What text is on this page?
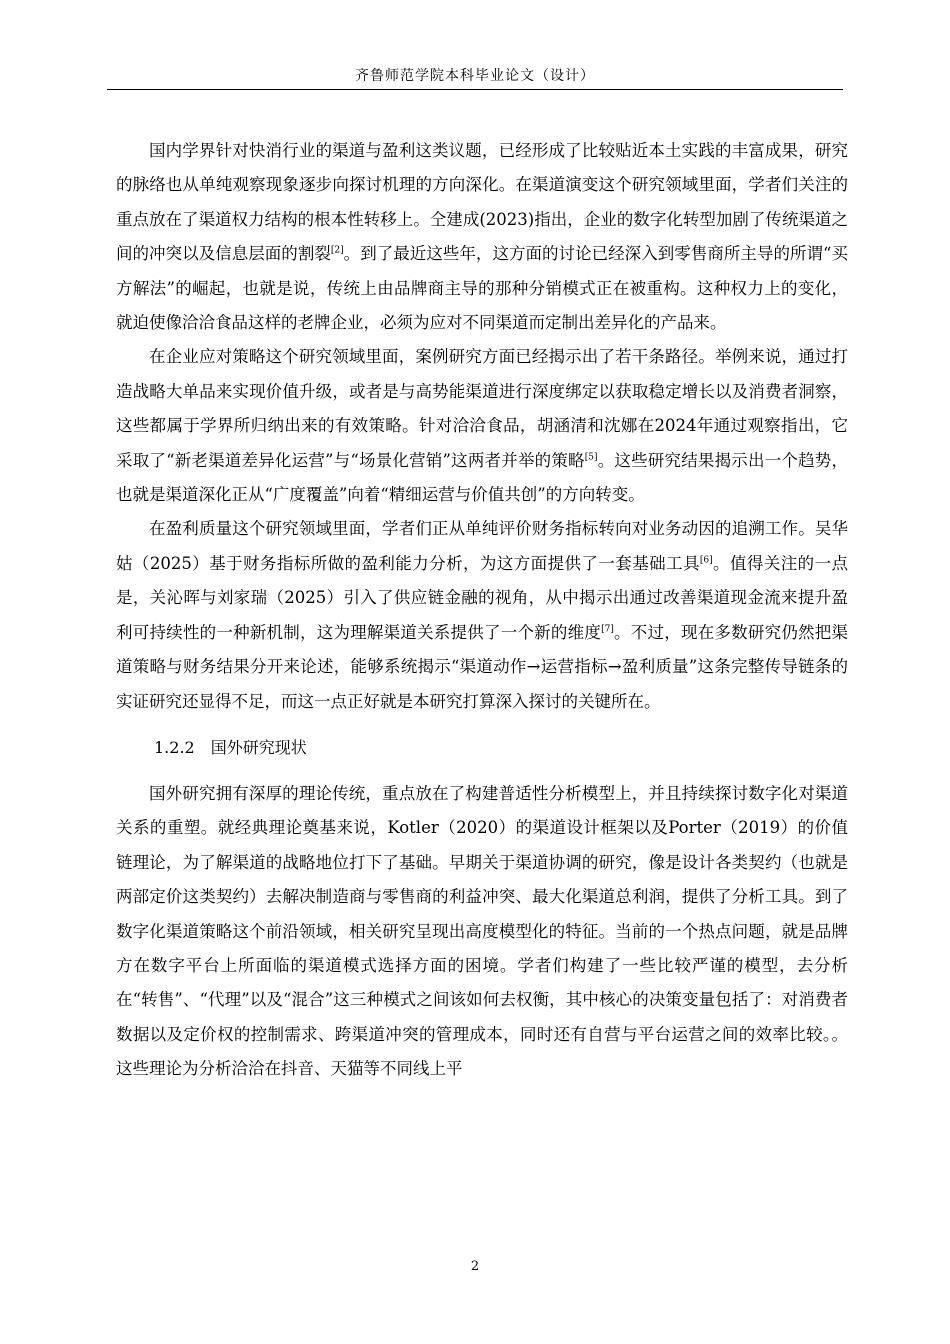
齐鲁师范学院本科毕业论文（设计）

国内学界针对快消行业的渠道与盈利这类议题，已经形成了比较贴近本土实践的丰富成果，研究的脉络也从单纯观察现象逐步向探讨机理的方向深化。在渠道演变这个研究领域里面，学者们关注的重点放在了渠道权力结构的根本性转移上。仝建成(2023)指出，企业的数字化转型加剧了传统渠道之间的冲突以及信息层面的割裂[2]。到了最近这些年，这方面的讨论已经深入到零售商所主导的所谓“买方解法”的崛起，也就是说，传统上由品牌商主导的那种分销模式正在被重构。这种权力上的变化，就迫使像洽洽食品这样的老牌企业，必须为应对不同渠道而定制出差异化的产品来。

在企业应对策略这个研究领域里面，案例研究方面已经揭示出了若干条路径。举例来说，通过打造战略大单品来实现价值升级，或者是与高势能渠道进行深度绑定以获取稳定增长以及消费者洞察，这些都属于学界所归纳出来的有效策略。针对洽洽食品，胡涵清和沈娜在2024年通过观察指出，它采取了“新老渠道差异化运营”与“场景化营销”这两者并举的策略[5]。这些研究结果揭示出一个趋势，也就是渠道深化正从“广度覆盖”向着“精细运营与价值共创”的方向转变。

在盈利质量这个研究领域里面，学者们正从单纯评价财务指标转向对业务动因的追溯工作。吴华姑（2025）基于财务指标所做的盈利能力分析，为这方面提供了一套基础工具[6]。值得关注的一点是，关沁晖与刘家瑞（2025）引入了供应链金融的视角，从中揭示出通过改善渠道现金流来提升盈利可持续性的一种新机制，这为理解渠道关系提供了一个新的维度[7]。不过，现在多数研究仍然把渠道策略与财务结果分开来论述，能够系统揭示“渠道动作→运营指标→盈利质量”这条完整传导链条的实证研究还显得不足，而这一点正好就是本研究打算深入探讨的关键所在。

1.2.2 国外研究现状

国外研究拥有深厚的理论传统，重点放在了构建普适性分析模型上，并且持续探讨数字化对渠道关系的重塑。就经典理论奠基来说，Kotler（2020）的渠道设计框架以及Porter（2019）的价值链理论，为了解渠道的战略地位打下了基础。早期关于渠道协调的研究，像是设计各类契约（也就是两部定价这类契约）去解决制造商与零售商的利益冲突、最大化渠道总利润，提供了分析工具。到了数字化渠道策略这个前沿领域，相关研究呈现出高度模型化的特征。当前的一个热点问题，就是品牌方在数字平台上所面临的渠道模式选择方面的困境。学者们构建了一些比较严谨的模型，去分析在“转售”、“代理”以及“混合”这三种模式之间该如何去权衡，其中核心的决策变量包括了：对消费者数据以及定价权的控制需求、跨渠道冲突的管理成本，同时还有自营与平台运营之间的效率比较。。这些理论为分析洽洽在抖音、天猫等不同线上平

2
